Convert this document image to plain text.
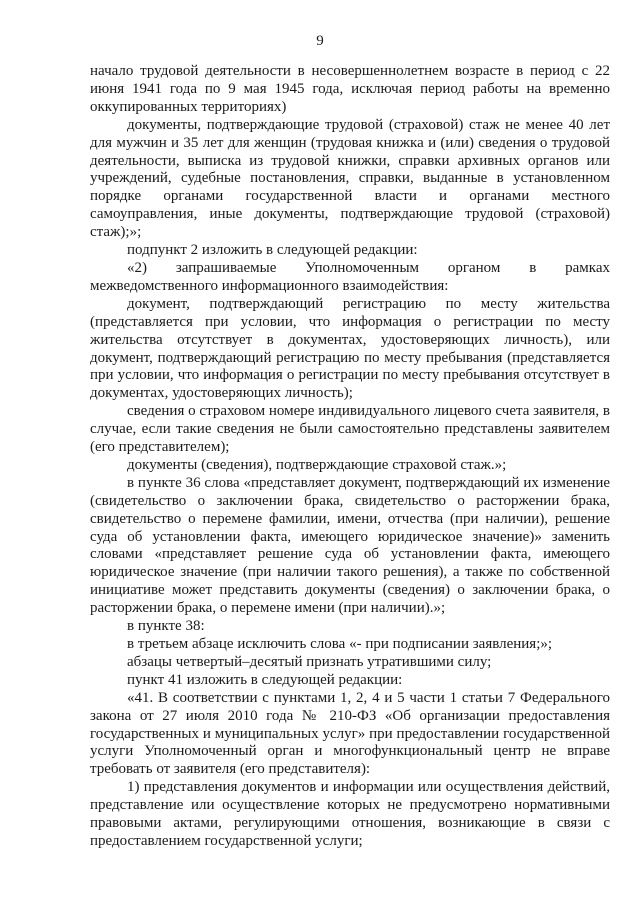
9

начало трудовой деятельности в несовершеннолетнем возрасте в период с 22 июня 1941 года по 9 мая 1945 года, исключая период работы на временно оккупированных территориях)

документы, подтверждающие трудовой (страховой) стаж не менее 40 лет для мужчин и 35 лет для женщин (трудовая книжка и (или) сведения о трудовой деятельности, выписка из трудовой книжки, справки архивных органов или учреждений, судебные постановления, справки, выданные в установленном порядке органами государственной власти и органами местного самоуправления, иные документы, подтверждающие трудовой (страховой) стаж);»;

подпункт 2 изложить в следующей редакции:

«2) запрашиваемые Уполномоченным органом в рамках межведомственного информационного взаимодействия:

документ, подтверждающий регистрацию по месту жительства (представляется при условии, что информация о регистрации по месту жительства отсутствует в документах, удостоверяющих личность), или документ, подтверждающий регистрацию по месту пребывания (представляется при условии, что информация о регистрации по месту пребывания отсутствует в документах, удостоверяющих личность);

сведения о страховом номере индивидуального лицевого счета заявителя, в случае, если такие сведения не были самостоятельно представлены заявителем (его представителем);

документы (сведения), подтверждающие страховой стаж.»;

в пункте 36 слова «представляет документ, подтверждающий их изменение (свидетельство о заключении брака, свидетельство о расторжении брака, свидетельство о перемене фамилии, имени, отчества (при наличии), решение суда об установлении факта, имеющего юридическое значение)» заменить словами «представляет решение суда об установлении факта, имеющего юридическое значение (при наличии такого решения), а также по собственной инициативе может представить документы (сведения) о заключении брака, о расторжении брака, о перемене имени (при наличии).»;

в пункте 38:

в третьем абзаце исключить слова «- при подписании заявления;»;

абзацы четвертый–десятый признать утратившими силу;

пункт 41 изложить в следующей редакции:

«41. В соответствии с пунктами 1, 2, 4 и 5 части 1 статьи 7 Федерального закона от 27 июля 2010 года № 210-ФЗ «Об организации предоставления государственных и муниципальных услуг» при предоставлении государственной услуги Уполномоченный орган и многофункциональный центр не вправе требовать от заявителя (его представителя):

1) представления документов и информации или осуществления действий, представление или осуществление которых не предусмотрено нормативными правовыми актами, регулирующими отношения, возникающие в связи с предоставлением государственной услуги;
